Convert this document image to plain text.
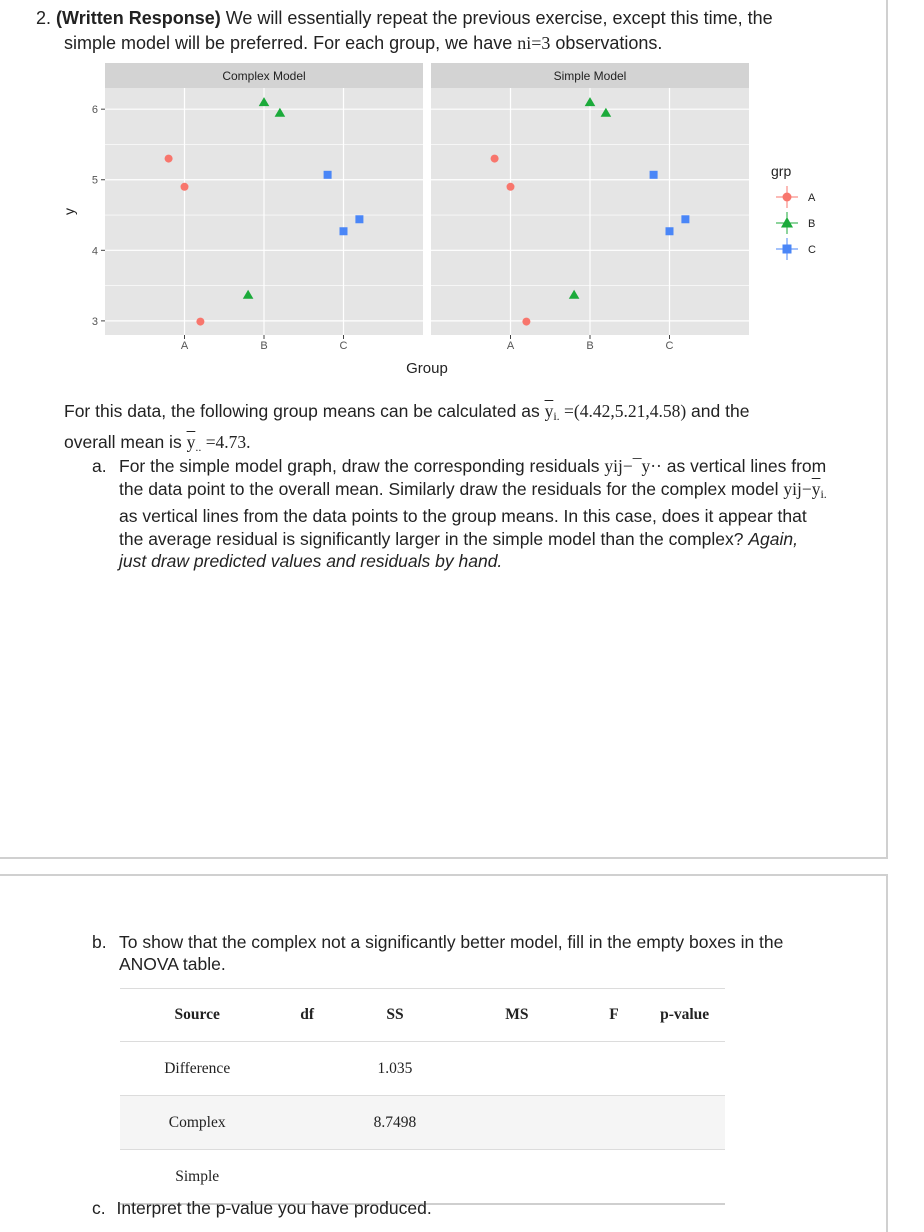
2. (Written Response) We will essentially repeat the previous exercise, except this time, the
simple model will be preferred. For each group, we have ni=3 observations.
Complex Model
A	B	C
Simple Model
A	B	C
3
4
5
6
y
Group
grp
A
B
C
For this data, the following group means can be calculated as $\overline{y}_{i.} =(4.42,5.21,4.58)$ and the
overall mean is $\overline{y}_{..} =4.73$.
a. For the simple model graph, draw the corresponding residuals yij−¯y·· as vertical lines from the data point to the overall mean. Similarly draw the residuals for the complex model $yij-\overline{y}_{i.}$ as vertical lines from the data points to the group means. In this case, does it appear that the average residual is significantly larger in the simple model than the complex? Again, just draw predicted values and residuals by hand.
b. To show that the complex not a significantly better model, fill in the empty boxes in the ANOVA table.
Source	df	SS	MS	F	p-value
Difference		1.035			
Complex		8.7498			
Simple					
c. Interpret the p-value you have produced.
